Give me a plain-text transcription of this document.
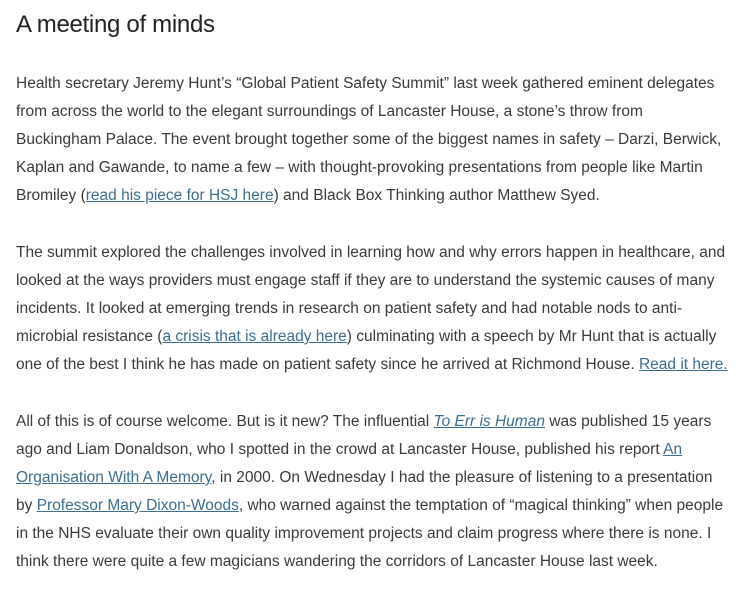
A meeting of minds

Health secretary Jeremy Hunt’s “Global Patient Safety Summit” last week gathered eminent delegates from across the world to the elegant surroundings of Lancaster House, a stone’s throw from Buckingham Palace. The event brought together some of the biggest names in safety – Darzi, Berwick, Kaplan and Gawande, to name a few – with thought-provoking presentations from people like Martin Bromiley (read his piece for HSJ here) and Black Box Thinking author Matthew Syed.

The summit explored the challenges involved in learning how and why errors happen in healthcare, and looked at the ways providers must engage staff if they are to understand the systemic causes of many incidents. It looked at emerging trends in research on patient safety and had notable nods to anti-microbial resistance (a crisis that is already here) culminating with a speech by Mr Hunt that is actually one of the best I think he has made on patient safety since he arrived at Richmond House. Read it here.

All of this is of course welcome. But is it new? The influential To Err is Human was published 15 years ago and Liam Donaldson, who I spotted in the crowd at Lancaster House, published his report An Organisation With A Memory, in 2000. On Wednesday I had the pleasure of listening to a presentation by Professor Mary Dixon-Woods, who warned against the temptation of “magical thinking” when people in the NHS evaluate their own quality improvement projects and claim progress where there is none. I think there were quite a few magicians wandering the corridors of Lancaster House last week.
